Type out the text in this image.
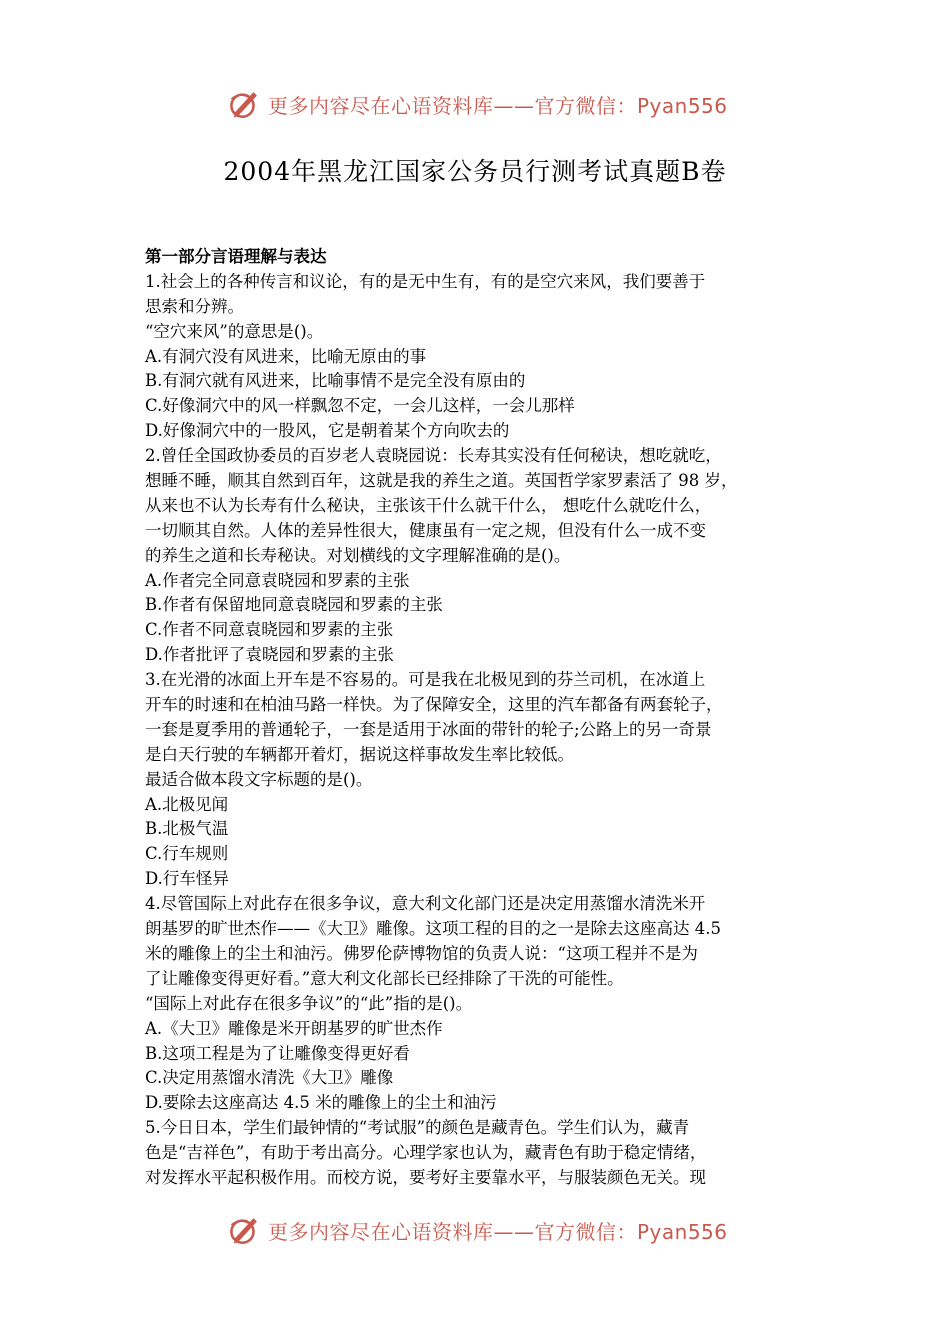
更多内容尽在心语资料库——官方微信：Pyan556
2004年黑龙江国家公务员行测考试真题B卷
第一部分言语理解与表达
1.社会上的各种传言和议论，有的是无中生有，有的是空穴来风，我们要善于
思索和分辨。
“空穴来风”的意思是()。
A.有洞穴没有风进来，比喻无原由的事
B.有洞穴就有风进来，比喻事情不是完全没有原由的
C.好像洞穴中的风一样飘忽不定，一会儿这样，一会儿那样
D.好像洞穴中的一股风，它是朝着某个方向吹去的
2.曾任全国政协委员的百岁老人袁晓园说：长寿其实没有任何秘诀，想吃就吃，
想睡不睡，顺其自然到百年，这就是我的养生之道。英国哲学家罗素活了 98 岁，
从来也不认为长寿有什么秘诀，主张该干什么就干什么， 想吃什么就吃什么，
一切顺其自然。人体的差异性很大，健康虽有一定之规，但没有什么一成不变
的养生之道和长寿秘诀。对划横线的文字理解准确的是()。
A.作者完全同意袁晓园和罗素的主张
B.作者有保留地同意袁晓园和罗素的主张
C.作者不同意袁晓园和罗素的主张
D.作者批评了袁晓园和罗素的主张
3.在光滑的冰面上开车是不容易的。可是我在北极见到的芬兰司机，在冰道上
开车的时速和在柏油马路一样快。为了保障安全，这里的汽车都备有两套轮子，
一套是夏季用的普通轮子，一套是适用于冰面的带针的轮子;公路上的另一奇景
是白天行驶的车辆都开着灯，据说这样事故发生率比较低。
最适合做本段文字标题的是()。
A.北极见闻
B.北极气温
C.行车规则
D.行车怪异
4.尽管国际上对此存在很多争议，意大利文化部门还是决定用蒸馏水清洗米开
朗基罗的旷世杰作——《大卫》雕像。这项工程的目的之一是除去这座高达 4.5
米的雕像上的尘土和油污。佛罗伦萨博物馆的负责人说：“这项工程并不是为
了让雕像变得更好看。”意大利文化部长已经排除了干洗的可能性。
“国际上对此存在很多争议”的“此”指的是()。
A.《大卫》雕像是米开朗基罗的旷世杰作
B.这项工程是为了让雕像变得更好看
C.决定用蒸馏水清洗《大卫》雕像
D.要除去这座高达 4.5 米的雕像上的尘土和油污
5.今日日本，学生们最钟情的“考试服”的颜色是藏青色。学生们认为，藏青
色是“吉祥色”，有助于考出高分。心理学家也认为，藏青色有助于稳定情绪，
对发挥水平起积极作用。而校方说，要考好主要靠水平，与服装颜色无关。现
更多内容尽在心语资料库——官方微信：Pyan556
